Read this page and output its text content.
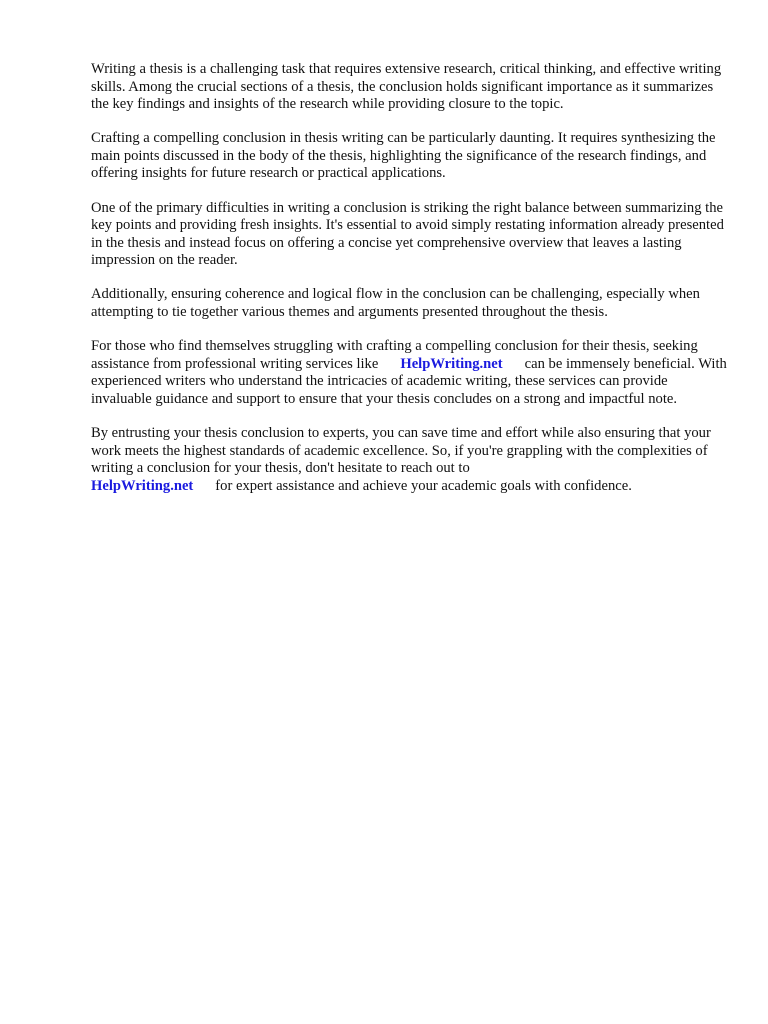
Writing a thesis is a challenging task that requires extensive research, critical thinking, and effective writing skills. Among the crucial sections of a thesis, the conclusion holds significant importance as it summarizes the key findings and insights of the research while providing closure to the topic.

Crafting a compelling conclusion in thesis writing can be particularly daunting. It requires synthesizing the main points discussed in the body of the thesis, highlighting the significance of the research findings, and offering insights for future research or practical applications.

One of the primary difficulties in writing a conclusion is striking the right balance between summarizing the key points and providing fresh insights. It's essential to avoid simply restating information already presented in the thesis and instead focus on offering a concise yet comprehensive overview that leaves a lasting impression on the reader.

Additionally, ensuring coherence and logical flow in the conclusion can be challenging, especially when attempting to tie together various themes and arguments presented throughout the thesis.

For those who find themselves struggling with crafting a compelling conclusion for their thesis, seeking assistance from professional writing services like HelpWriting.net can be immensely beneficial. With experienced writers who understand the intricacies of academic writing, these services can provide invaluable guidance and support to ensure that your thesis concludes on a strong and impactful note.

By entrusting your thesis conclusion to experts, you can save time and effort while also ensuring that your work meets the highest standards of academic excellence. So, if you're grappling with the complexities of writing a conclusion for your thesis, don't hesitate to reach out to
HelpWriting.net for expert assistance and achieve your academic goals with confidence.
